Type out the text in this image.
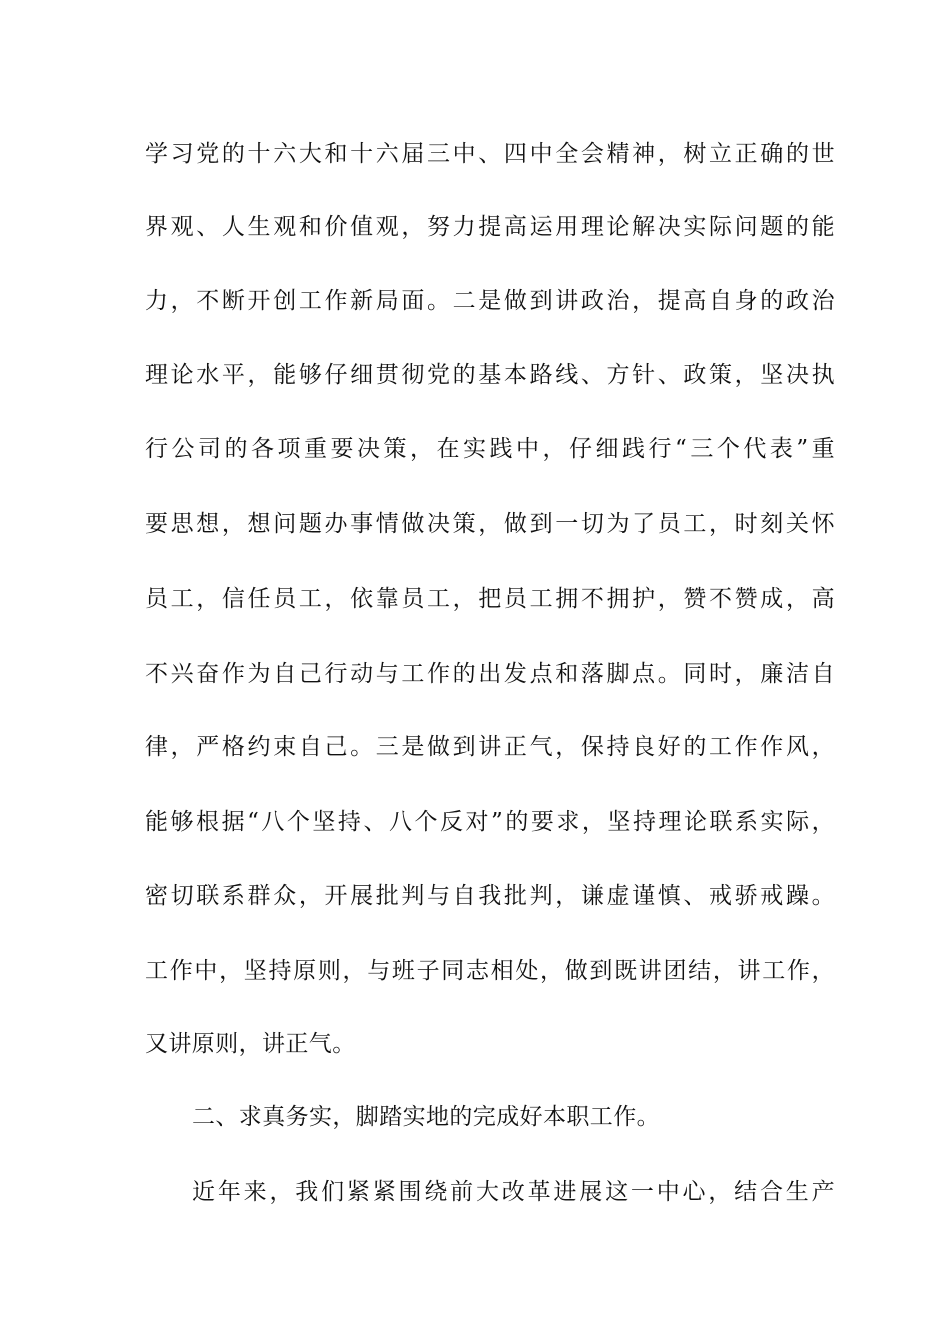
学习党的十六大和十六届三中、四中全会精神，树立正确的世
界观、人生观和价值观，努力提高运用理论解决实际问题的能
力，不断开创工作新局面。二是做到讲政治，提高自身的政治
理论水平，能够仔细贯彻党的基本路线、方针、政策，坚决执
行公司的各项重要决策，在实践中，仔细践行“三个代表”重
要思想，想问题办事情做决策，做到一切为了员工，时刻关怀
员工，信任员工，依靠员工，把员工拥不拥护，赞不赞成，高
不兴奋作为自己行动与工作的出发点和落脚点。同时，廉洁自
律，严格约束自己。三是做到讲正气，保持良好的工作作风，
能够根据“八个坚持、八个反对”的要求，坚持理论联系实际，
密切联系群众，开展批判与自我批判，谦虚谨慎、戒骄戒躁。
工作中，坚持原则，与班子同志相处，做到既讲团结，讲工作，
又讲原则，讲正气。
二、求真务实，脚踏实地的完成好本职工作。
近年来，我们紧紧围绕前大改革进展这一中心，结合生产
